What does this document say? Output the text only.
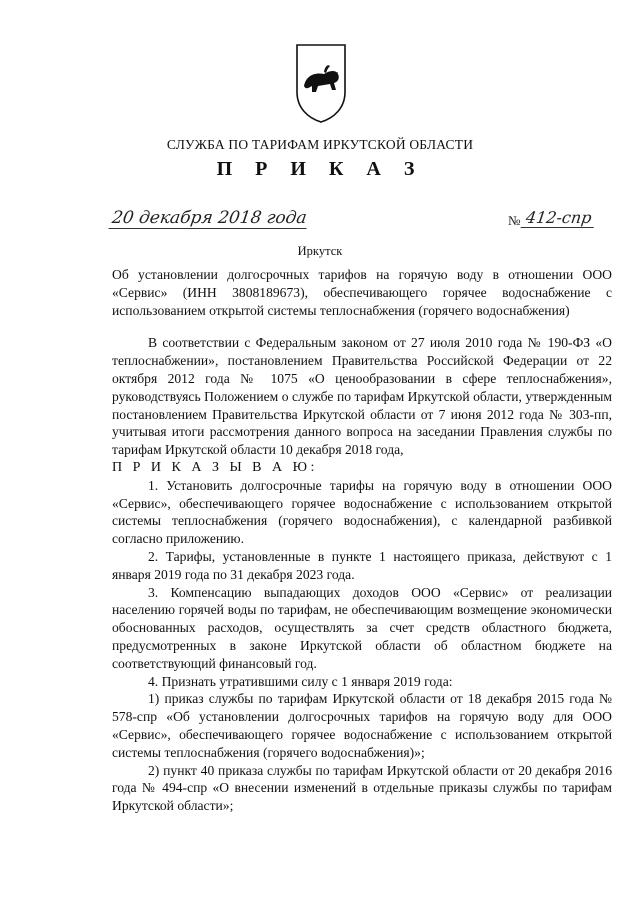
СЛУЖБА ПО ТАРИФАМ ИРКУТСКОЙ ОБЛАСТИ
П Р И К А З
20 декабря 2018 года	№ 412-спр
Иркутск

Об установлении долгосрочных тарифов на горячую воду в отношении ООО «Сервис» (ИНН 3808189673), обеспечивающего горячее водоснабжение с использованием открытой системы теплоснабжения (горячего водоснабжения)

В соответствии с Федеральным законом от 27 июля 2010 года № 190-ФЗ «О теплоснабжении», постановлением Правительства Российской Федерации от 22 октября 2012 года № 1075 «О ценообразовании в сфере теплоснабжения», руководствуясь Положением о службе по тарифам Иркутской области, утвержденным постановлением Правительства Иркутской области от 7 июня 2012 года № 303-пп, учитывая итоги рассмотрения данного вопроса на заседании Правления службы по тарифам Иркутской области 10 декабря 2018 года,

П Р И К А З Ы В А Ю:

1. Установить долгосрочные тарифы на горячую воду в отношении ООО «Сервис», обеспечивающего горячее водоснабжение с использованием открытой системы теплоснабжения (горячего водоснабжения), с календарной разбивкой согласно приложению.

2. Тарифы, установленные в пункте 1 настоящего приказа, действуют с 1 января 2019 года по 31 декабря 2023 года.

3. Компенсацию выпадающих доходов ООО «Сервис» от реализации населению горячей воды по тарифам, не обеспечивающим возмещение экономически обоснованных расходов, осуществлять за счет средств областного бюджета, предусмотренных в законе Иркутской области об областном бюджете на соответствующий финансовый год.

4. Признать утратившими силу с 1 января 2019 года:

1) приказ службы по тарифам Иркутской области от 18 декабря 2015 года № 578-спр «Об установлении долгосрочных тарифов на горячую воду для ООО «Сервис», обеспечивающего горячее водоснабжение с использованием открытой системы теплоснабжения (горячего водоснабжения)»;

2) пункт 40 приказа службы по тарифам Иркутской области от 20 декабря 2016 года № 494-спр «О внесении изменений в отдельные приказы службы по тарифам Иркутской области»;
